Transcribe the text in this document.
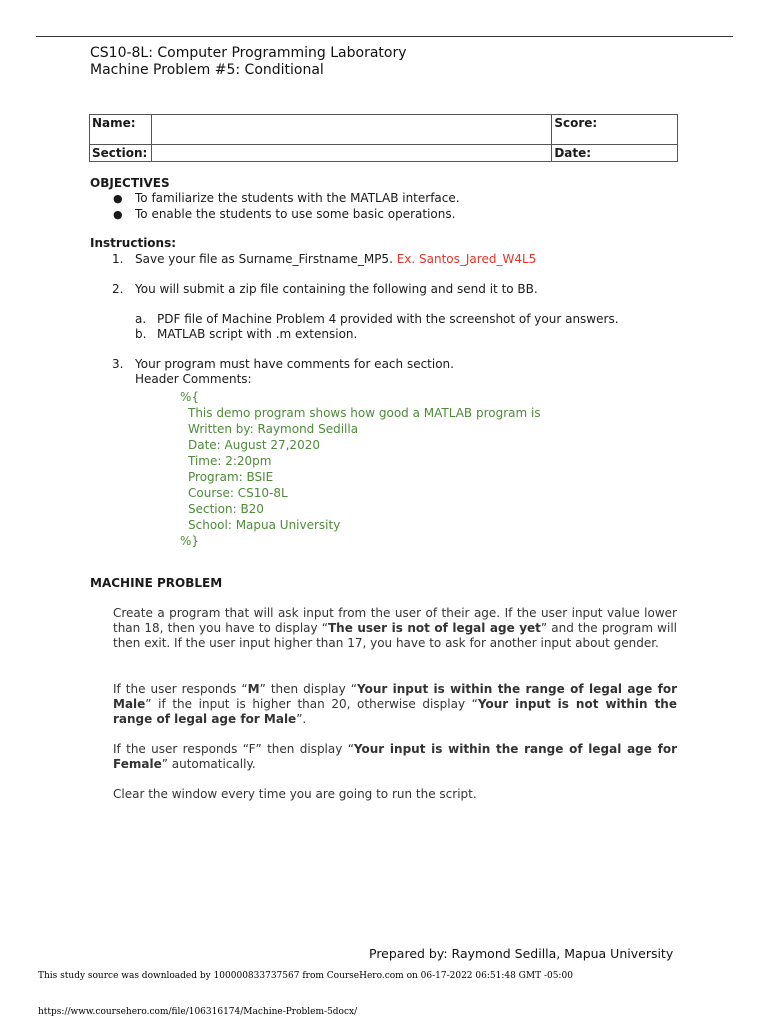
CS10-8L: Computer Programming Laboratory
Machine Problem #5: Conditional
Name:		Score:
Section:		Date:
OBJECTIVES
● To familiarize the students with the MATLAB interface.
● To enable the students to use some basic operations.
Instructions:
1. Save your file as Surname_Firstname_MP5. Ex. Santos_Jared_W4L5
2. You will submit a zip file containing the following and send it to BB.
a. PDF file of Machine Problem 4 provided with the screenshot of your answers.
b. MATLAB script with .m extension.
3. Your program must have comments for each section.
Header Comments:
%{
This demo program shows how good a MATLAB program is
Written by: Raymond Sedilla
Date: August 27,2020
Time: 2:20pm
Program: BSIE
Course: CS10-8L
Section: B20
School: Mapua University
%}
MACHINE PROBLEM
Create a program that will ask input from the user of their age. If the user input value lower than 18, then you have to display “The user is not of legal age yet” and the program will then exit. If the user input higher than 17, you have to ask for another input about gender.
If the user responds “M” then display “Your input is within the range of legal age for Male” if the input is higher than 20, otherwise display “Your input is not within the range of legal age for Male”.
If the user responds “F” then display “Your input is within the range of legal age for Female” automatically.
Clear the window every time you are going to run the script.
Prepared by: Raymond Sedilla, Mapua University
This study source was downloaded by 100000833737567 from CourseHero.com on 06-17-2022 06:51:48 GMT -05:00
https://www.coursehero.com/file/106316174/Machine-Problem-5docx/
